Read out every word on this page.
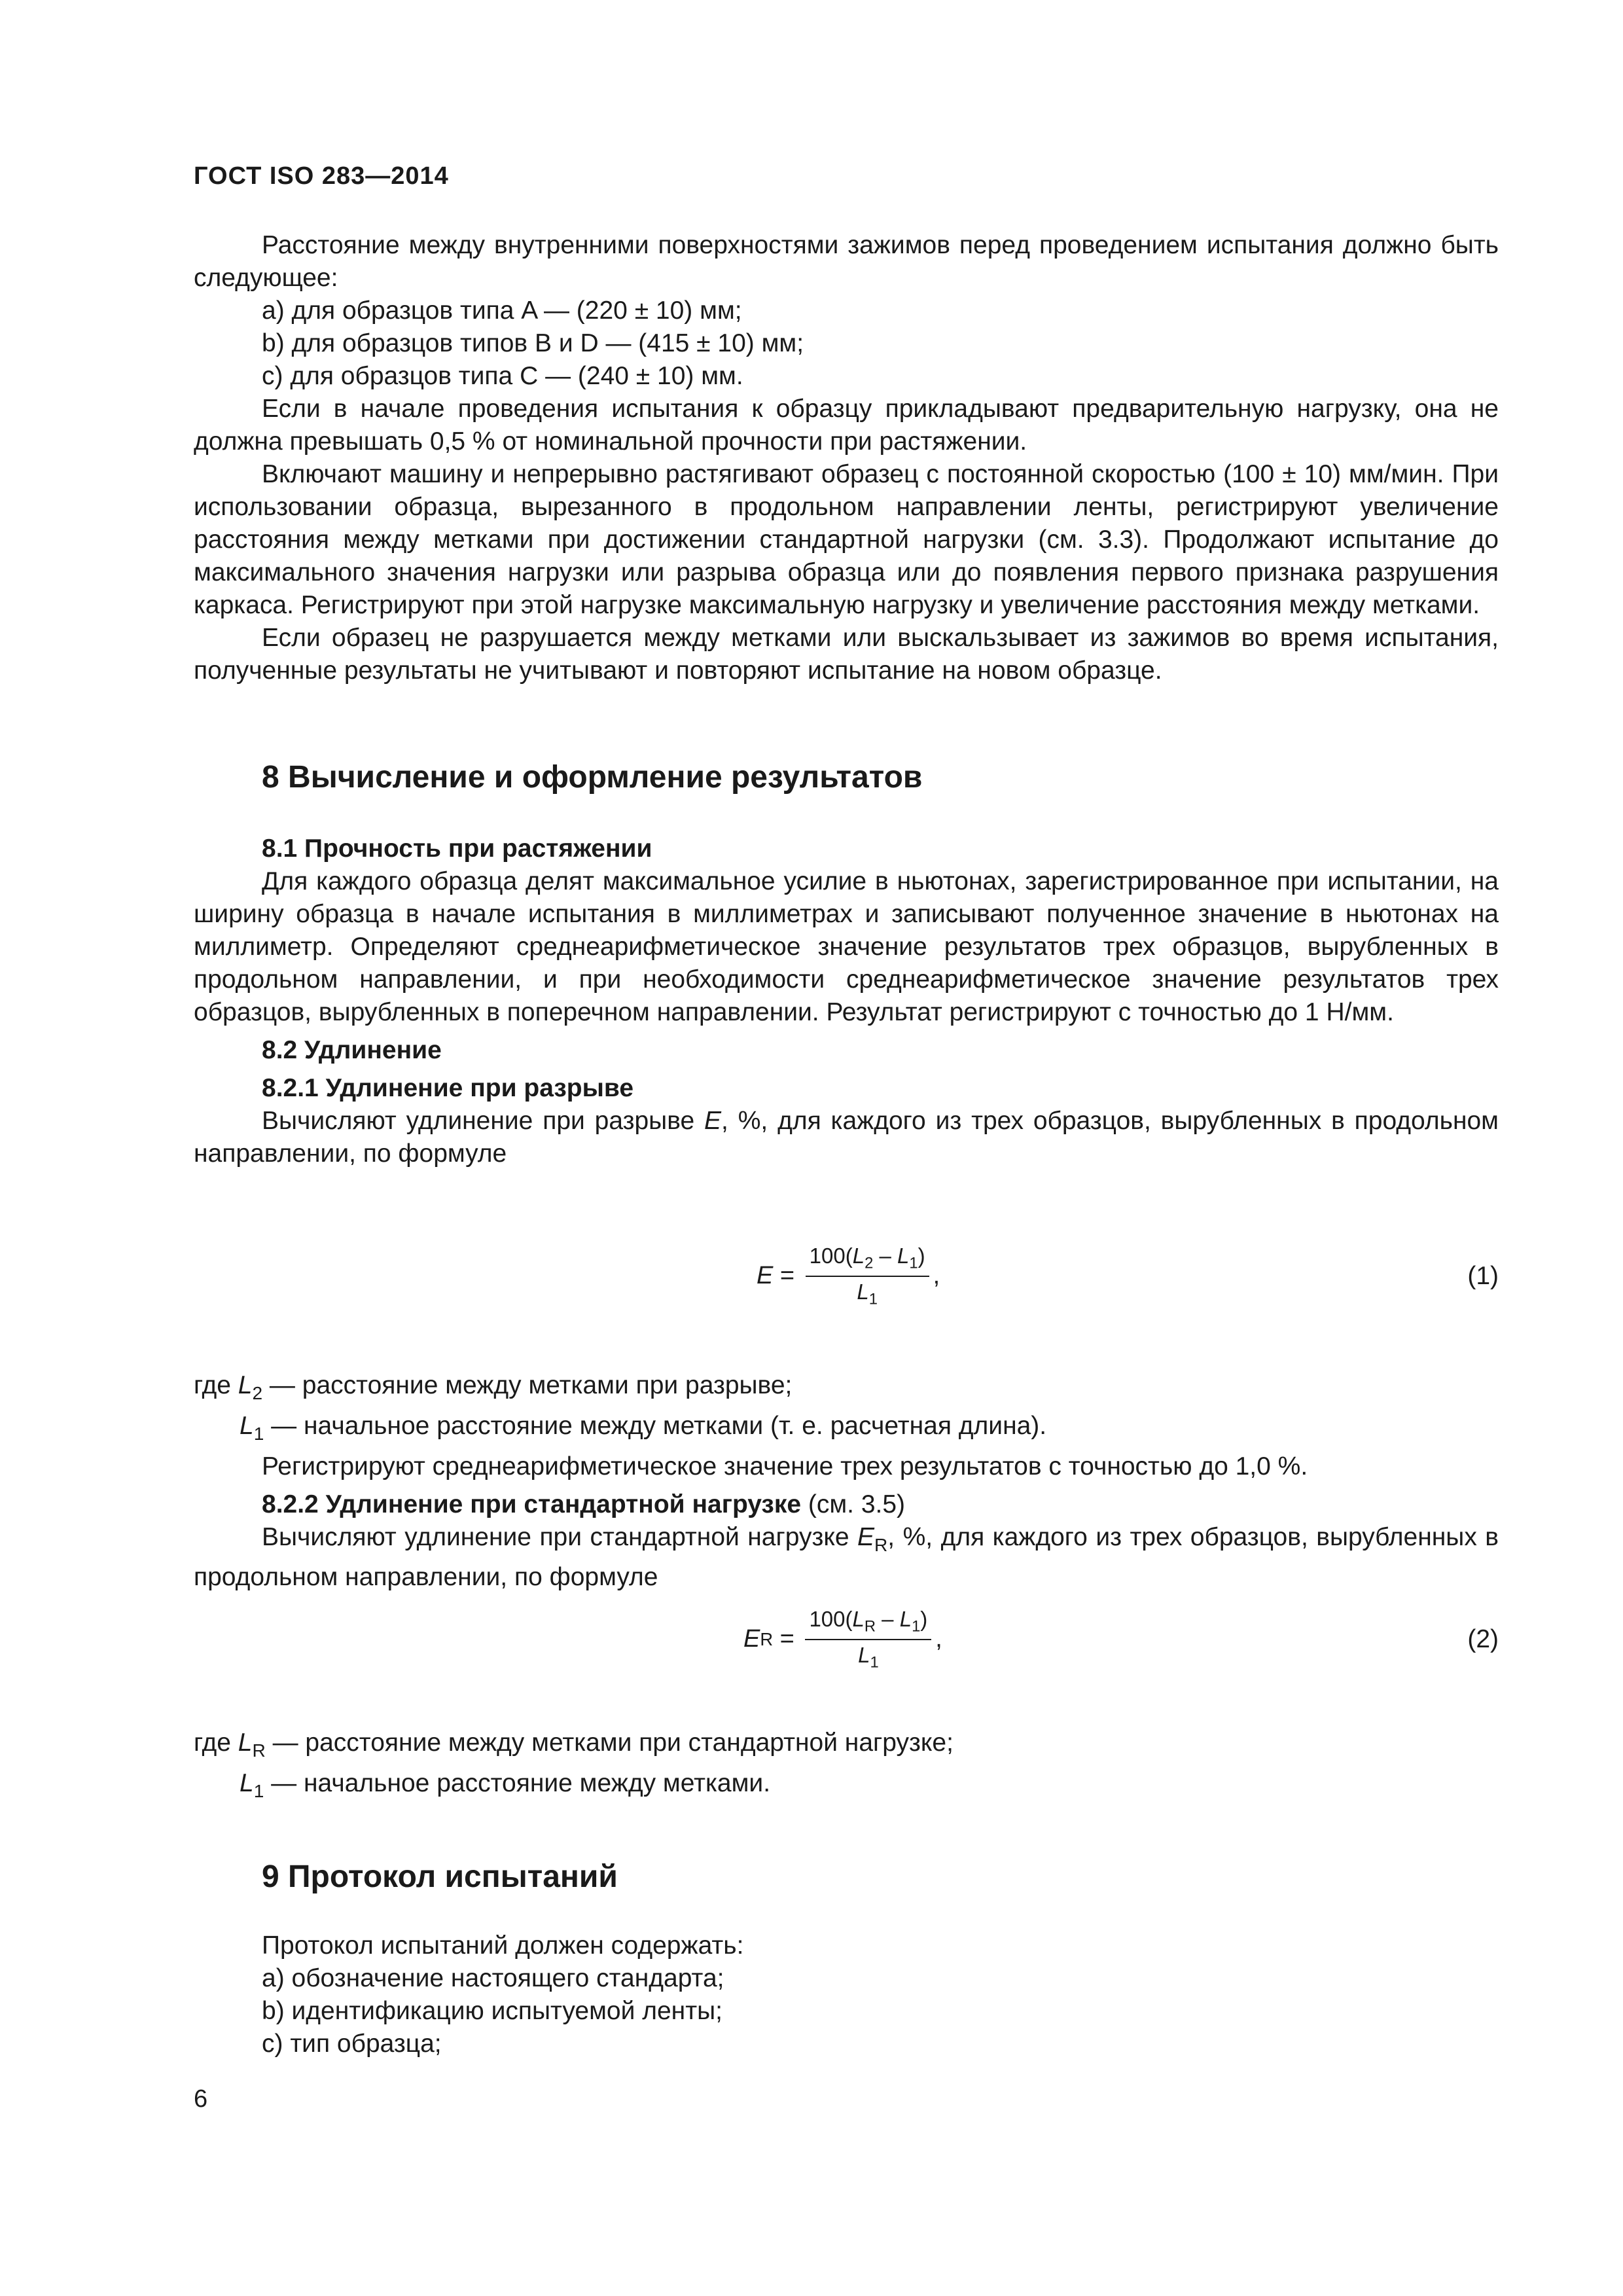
ГОСТ ISO 283—2014

Расстояние между внутренними поверхностями зажимов перед проведением испытания должно быть следующее:

a) для образцов типа A — (220 ± 10) мм;

b) для образцов типов B и D — (415 ± 10) мм;

c) для образцов типа C — (240 ± 10) мм.

Если в начале проведения испытания к образцу прикладывают предварительную нагрузку, она не должна превышать 0,5 % от номинальной прочности при растяжении.

Включают машину и непрерывно растягивают образец с постоянной скоростью (100 ± 10) мм/мин. При использовании образца, вырезанного в продольном направлении ленты, регистрируют увеличение расстояния между метками при достижении стандартной нагрузки (см. 3.3). Продолжают испытание до максимального значения нагрузки или разрыва образца или до появления первого признака разрушения каркаса. Регистрируют при этой нагрузке максимальную нагрузку и увеличение расстояния между метками.

Если образец не разрушается между метками или выскальзывает из зажимов во время испытания, полученные результаты не учитывают и повторяют испытание на новом образце.

8 Вычисление и оформление результатов

8.1 Прочность при растяжении

Для каждого образца делят максимальное усилие в ньютонах, зарегистрированное при испытании, на ширину образца в начале испытания в миллиметрах и записывают полученное значение в ньютонах на миллиметр. Определяют среднеарифметическое значение результатов трех образцов, вырубленных в продольном направлении, и при необходимости среднеарифметическое значение результатов трех образцов, вырубленных в поперечном направлении. Результат регистрируют с точностью до 1 Н/мм.

8.2 Удлинение

8.2.1 Удлинение при разрыве

Вычисляют удлинение при разрыве E, %, для каждого из трех образцов, вырубленных в продольном направлении, по формуле

$E = \frac{100(L_2 - L_1)}{L_1}$ ,	(1)

где $L_2$ — расстояние между метками при разрыве;

$L_1$ — начальное расстояние между метками (т. е. расчетная длина).

Регистрируют среднеарифметическое значение трех результатов с точностью до 1,0 %.

8.2.2 Удлинение при стандартной нагрузке (см. 3.5)

Вычисляют удлинение при стандартной нагрузке $E_R$, %, для каждого из трех образцов, вырубленных в продольном направлении, по формуле

E $R = \frac{100(L_R - L_1)}{L_1}$ ,	(2)

где $L_R$ — расстояние между метками при стандартной нагрузке;

$L_1$ — начальное расстояние между метками.

9 Протокол испытаний

Протокол испытаний должен содержать:

a) обозначение настоящего стандарта;

b) идентификацию испытуемой ленты;

c) тип образца;

6
